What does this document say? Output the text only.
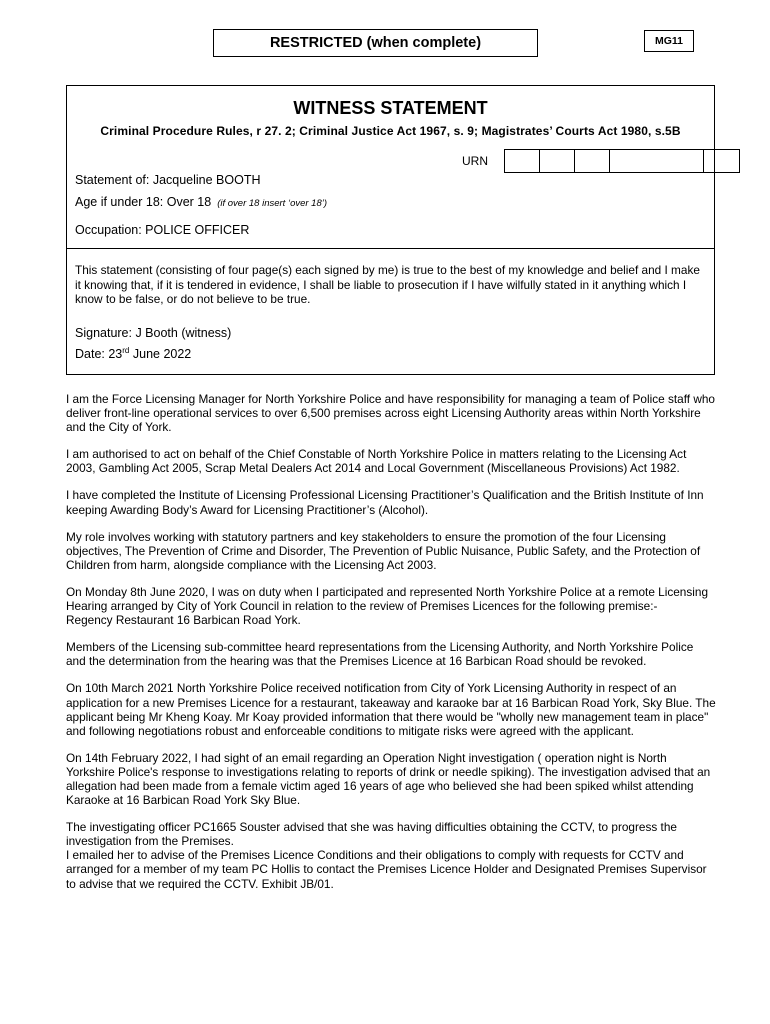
RESTRICTED (when complete)	MG11
WITNESS STATEMENT
Criminal Procedure Rules, r 27. 2; Criminal Justice Act 1967, s. 9; Magistrates’ Courts Act 1980, s.5B
URN
Statement of: Jacqueline BOOTH
Age if under 18: Over 18 (if over 18 insert ‘over 18’)
Occupation: POLICE OFFICER
This statement (consisting of four page(s) each signed by me) is true to the best of my knowledge and belief and I make it knowing that, if it is tendered in evidence, I shall be liable to prosecution if I have wilfully stated in it anything which I know to be false, or do not believe to be true.
Signature: J Booth (witness)
Date: 23rd June 2022

I am the Force Licensing Manager for North Yorkshire Police and have responsibility for managing a team of Police staff who deliver front-line operational services to over 6,500 premises across eight Licensing Authority areas within North Yorkshire and the City of York.

I am authorised to act on behalf of the Chief Constable of North Yorkshire Police in matters relating to the Licensing Act 2003, Gambling Act 2005, Scrap Metal Dealers Act 2014 and Local Government (Miscellaneous Provisions) Act 1982.

I have completed the Institute of Licensing Professional Licensing Practitioner’s Qualification and the British Institute of Inn keeping Awarding Body’s Award for Licensing Practitioner’s (Alcohol).

My role involves working with statutory partners and key stakeholders to ensure the promotion of the four Licensing objectives, The Prevention of Crime and Disorder, The Prevention of Public Nuisance, Public Safety, and the Protection of Children from harm, alongside compliance with the Licensing Act 2003.

On Monday 8th June 2020, I was on duty when I participated and represented North Yorkshire Police at a remote Licensing Hearing arranged by City of York Council in relation to the review of Premises Licences for the following premise:-
Regency Restaurant 16 Barbican Road York.

Members of the Licensing sub-committee heard representations from the Licensing Authority, and North Yorkshire Police and the determination from the hearing was that the Premises Licence at 16 Barbican Road should be revoked.

On 10th March 2021 North Yorkshire Police received notification from City of York Licensing Authority in respect of an application for a new Premises Licence for a restaurant, takeaway and karaoke bar at 16 Barbican Road York, Sky Blue. The applicant being Mr Kheng Koay. Mr Koay provided information that there would be "wholly new management team in place" and following negotiations robust and enforceable conditions to mitigate risks were agreed with the applicant.

On 14th February 2022, I had sight of an email regarding an Operation Night investigation ( operation night is North Yorkshire Police's response to investigations relating to reports of drink or needle spiking). The investigation advised that an allegation had been made from a female victim aged 16 years of age who believed she had been spiked whilst attending Karaoke at 16 Barbican Road York Sky Blue.

The investigating officer PC1665 Souster advised that she was having difficulties obtaining the CCTV, to progress the investigation from the Premises.
I emailed her to advise of the Premises Licence Conditions and their obligations to comply with requests for CCTV and arranged for a member of my team PC Hollis to contact the Premises Licence Holder and Designated Premises Supervisor to advise that we required the CCTV. Exhibit JB/01.
